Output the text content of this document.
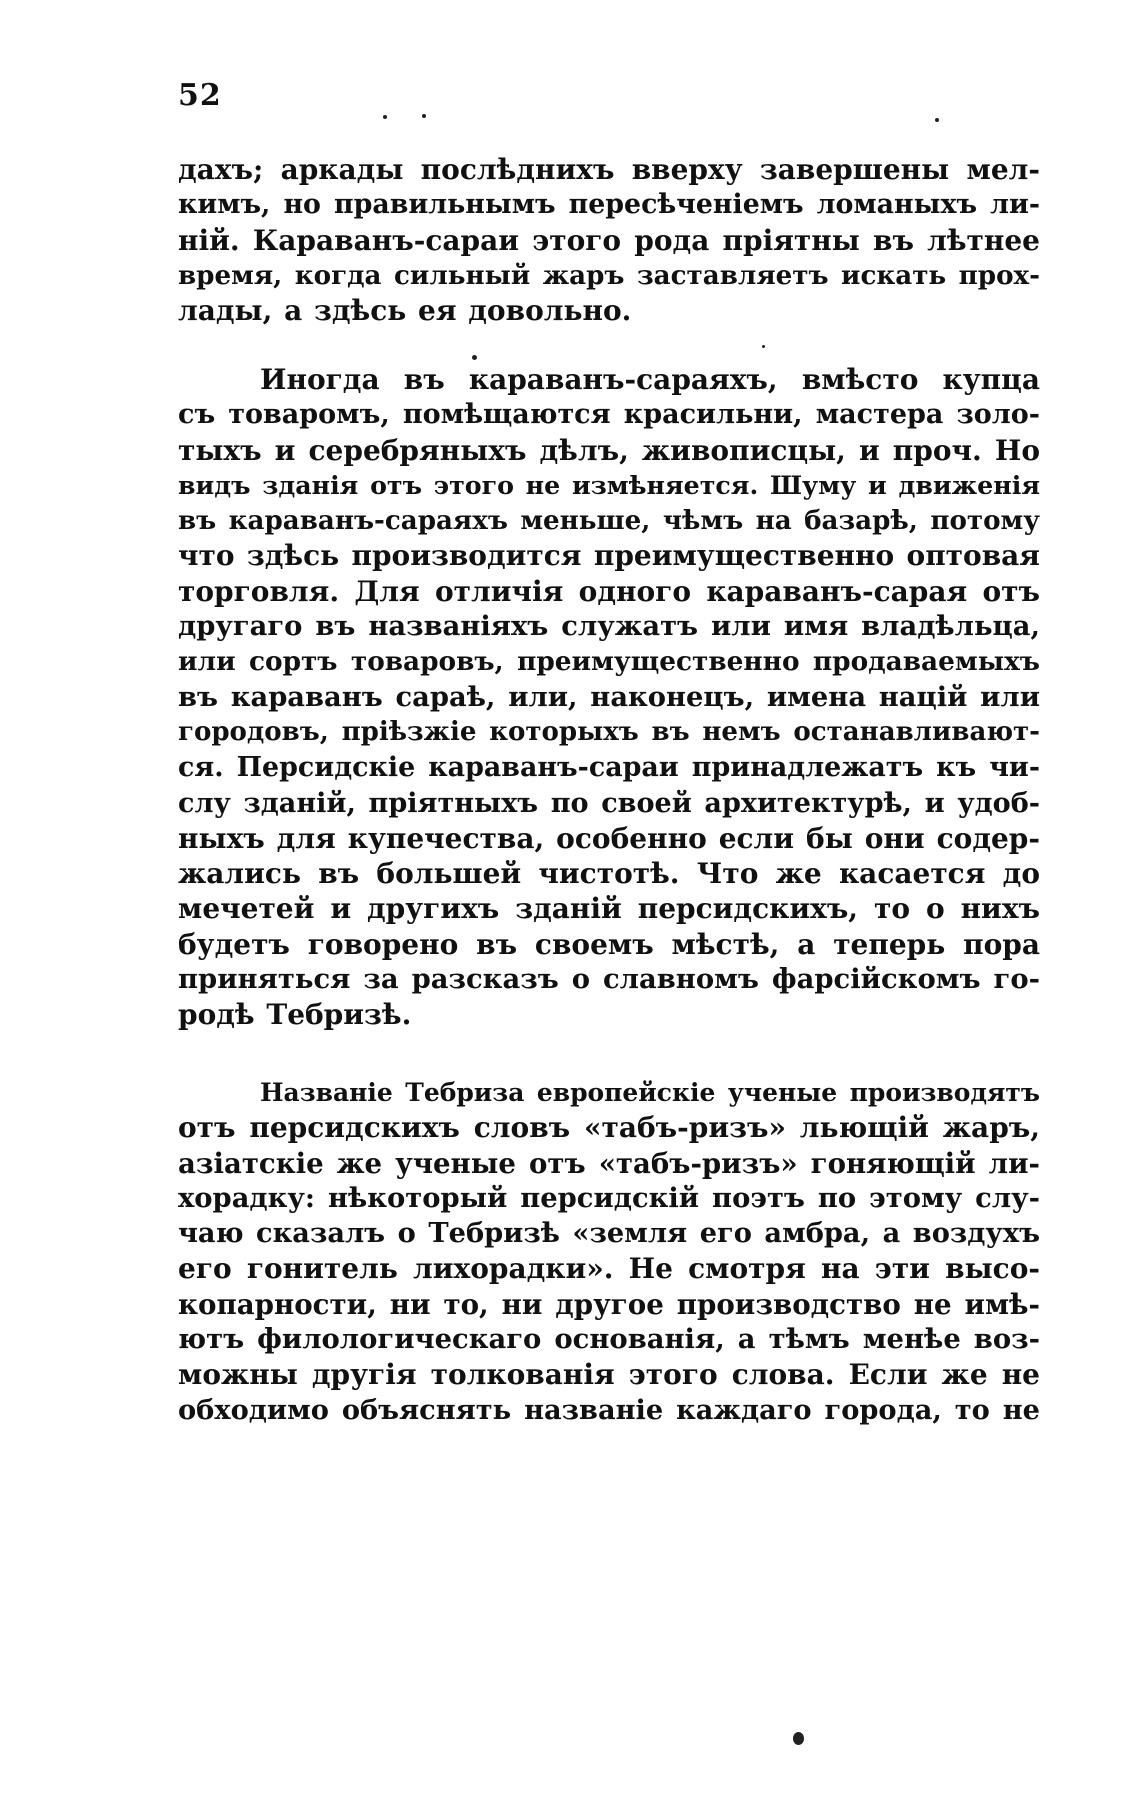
52
дахъ; аркады послѣднихъ вверху завершены мел-
кимъ, но правильнымъ пересѣченiемъ ломаныхъ ли-
нiй. Караванъ-сараи этого рода прiятны въ лѣтнее
время, когда сильный жаръ заставляетъ искать прох-
лады, а здѣсь ея довольно.
Иногда въ караванъ-сараяхъ, вмѣсто купца
съ товаромъ, помѣщаются красильни, мастера золо-
тыхъ и серебряныхъ дѣлъ, живописцы, и проч. Но
видъ зданiя отъ этого не измѣняется. Шуму и движенiя
въ караванъ-сараяхъ меньше, чѣмъ на базарѣ, потому
что здѣсь производится преимущественно оптовая
торговля. Для отличiя одного караванъ-сарая отъ
другаго въ названiяхъ служатъ или имя владѣльца,
или сортъ товаровъ, преимущественно продаваемыхъ
въ караванъ сараѣ, или, наконецъ, имена нацiй или
городовъ, прiѣзжiе которыхъ въ немъ останавливают-
ся. Персидскiе караванъ-сараи принадлежатъ къ чи-
слу зданiй, прiятныхъ по своей архитектурѣ, и удоб-
ныхъ для купечества, особенно если бы они содер-
жались въ большей чистотѣ. Что же касается до
мечетей и другихъ зданiй персидскихъ, то о нихъ
будетъ говорено въ своемъ мѣстѣ, а теперь пора
приняться за разсказъ о славномъ фарсiйскомъ го-
родѣ Тебризѣ.
Названiе Тебриза европейскiе ученые производятъ
отъ персидскихъ словъ «табъ-ризъ» льющiй жаръ,
азiатскiе же ученые отъ «табъ-ризъ» гоняющiй ли-
хорадку: нѣкоторый персидскiй поэтъ по этому слу-
чаю сказалъ о Тебризѣ «земля его амбра, а воздухъ
его гонитель лихорадки». Не смотря на эти высо-
копарности, ни то, ни другое производство не имѣ-
ютъ филологическаго основанiя, а тѣмъ менѣе воз-
можны другiя толкованiя этого слова. Если же не
обходимо объяснять названiе каждаго города, то не
